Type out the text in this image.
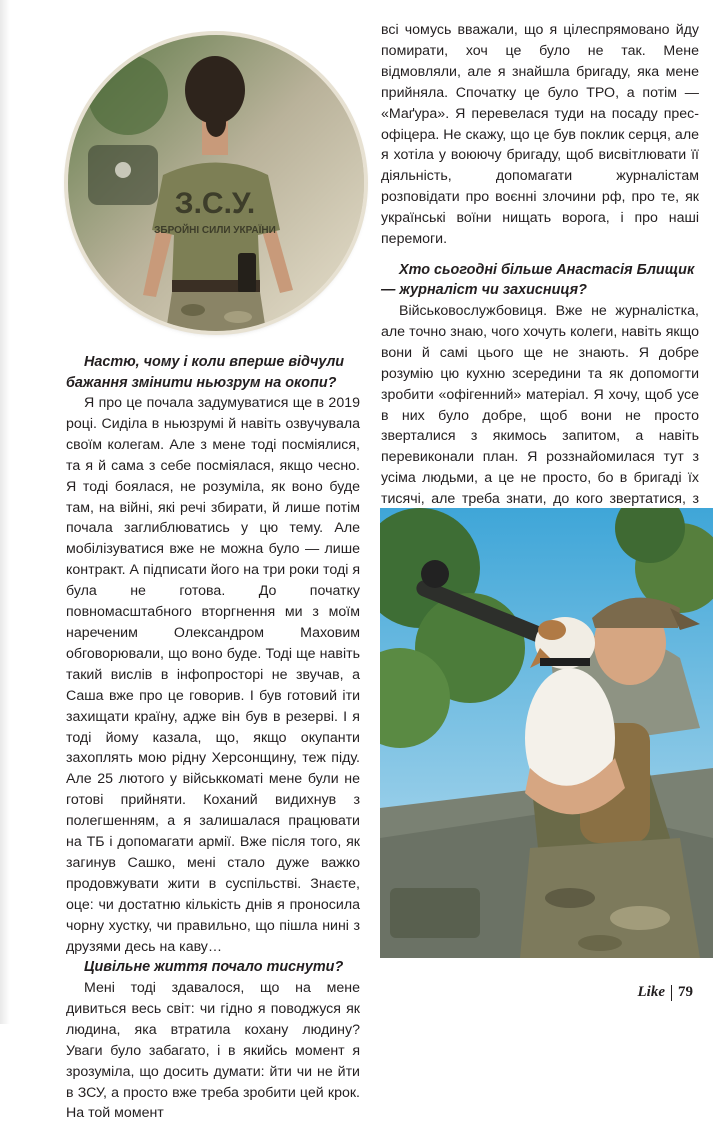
З.С.У.
ЗБРОЙНІ СИЛИ УКРАЇНИ

Настю, чому і коли вперше відчули бажання змінити ньюзрум на окопи?

Я про це почала задумуватися ще в 2019 році. Сиділа в ньюзрумі й навіть озвучувала своїм колегам. Але з мене тоді посміялися, та я й сама з себе посміялася, якщо чесно. Я тоді боялася, не розуміла, як воно буде там, на війні, які речі збирати, й лише потім почала заглиблюватись у цю тему. Але мобілізуватися вже не можна було — лише контракт. А підписати його на три роки тоді я була не готова. До початку повномасштабного вторгнення ми з моїм нареченим Олександром Маховим обговорювали, що воно буде. Тоді ще навіть такий вислів в інфопросторі не звучав, а Саша вже про це говорив. І був готовий іти захищати країну, адже він був в резерві. І я тоді йому казала, що, якщо окупанти захоплять мою рідну Херсонщину, теж піду. Але 25 лютого у військкоматі мене були не готові прийняти. Коханий видихнув з полегшенням, а я залишалася працювати на ТБ і допомагати армії. Вже після того, як загинув Сашко, мені стало дуже важко продовжувати жити в суспільстві. Знаєте, оце: чи достатню кількість днів я проносила чорну хустку, чи правильно, що пішла нині з друзями десь на каву…

Цивільне життя почало тиснути?

Мені тоді здавалося, що на мене дивиться весь світ: чи гідно я поводжуся як людина, яка втратила кохану людину? Уваги було забагато, і в якийсь момент я зрозуміла, що досить думати: йти чи не йти в ЗСУ, а просто вже треба зробити цей крок. На той момент

всі чомусь вважали, що я цілеспрямовано йду помирати, хоч це було не так. Мене відмовляли, але я знайшла бригаду, яка мене прийняла. Спочатку це було ТРО, а потім — «Маґура». Я перевелася туди на посаду прес-офіцера. Не скажу, що це був поклик серця, але я хотіла у воюючу бригаду, щоб висвітлювати її діяльність, допомагати журналістам розповідати про воєнні злочини рф, про те, як українські воїни нищать ворога, і про наші перемоги.

Хто сьогодні більше Анастасія Блищик — журналіст чи захисниця?

Військовослужбовиця. Вже не журналістка, але точно знаю, чого хочуть колеги, навіть якщо вони й самі цього ще не знають. Я добре розумію цю кухню зсередини та як допомогти зробити «офігенний» матеріал. Я хочу, щоб усе в них було добре, щоб вони не просто зверталися з якимось запитом, а навіть перевиконали план. Я роззнайомилася тут з усіма людьми, а це не просто, бо в бригаді їх тисячі, але треба знати, до кого звертатися, з

Like 79
